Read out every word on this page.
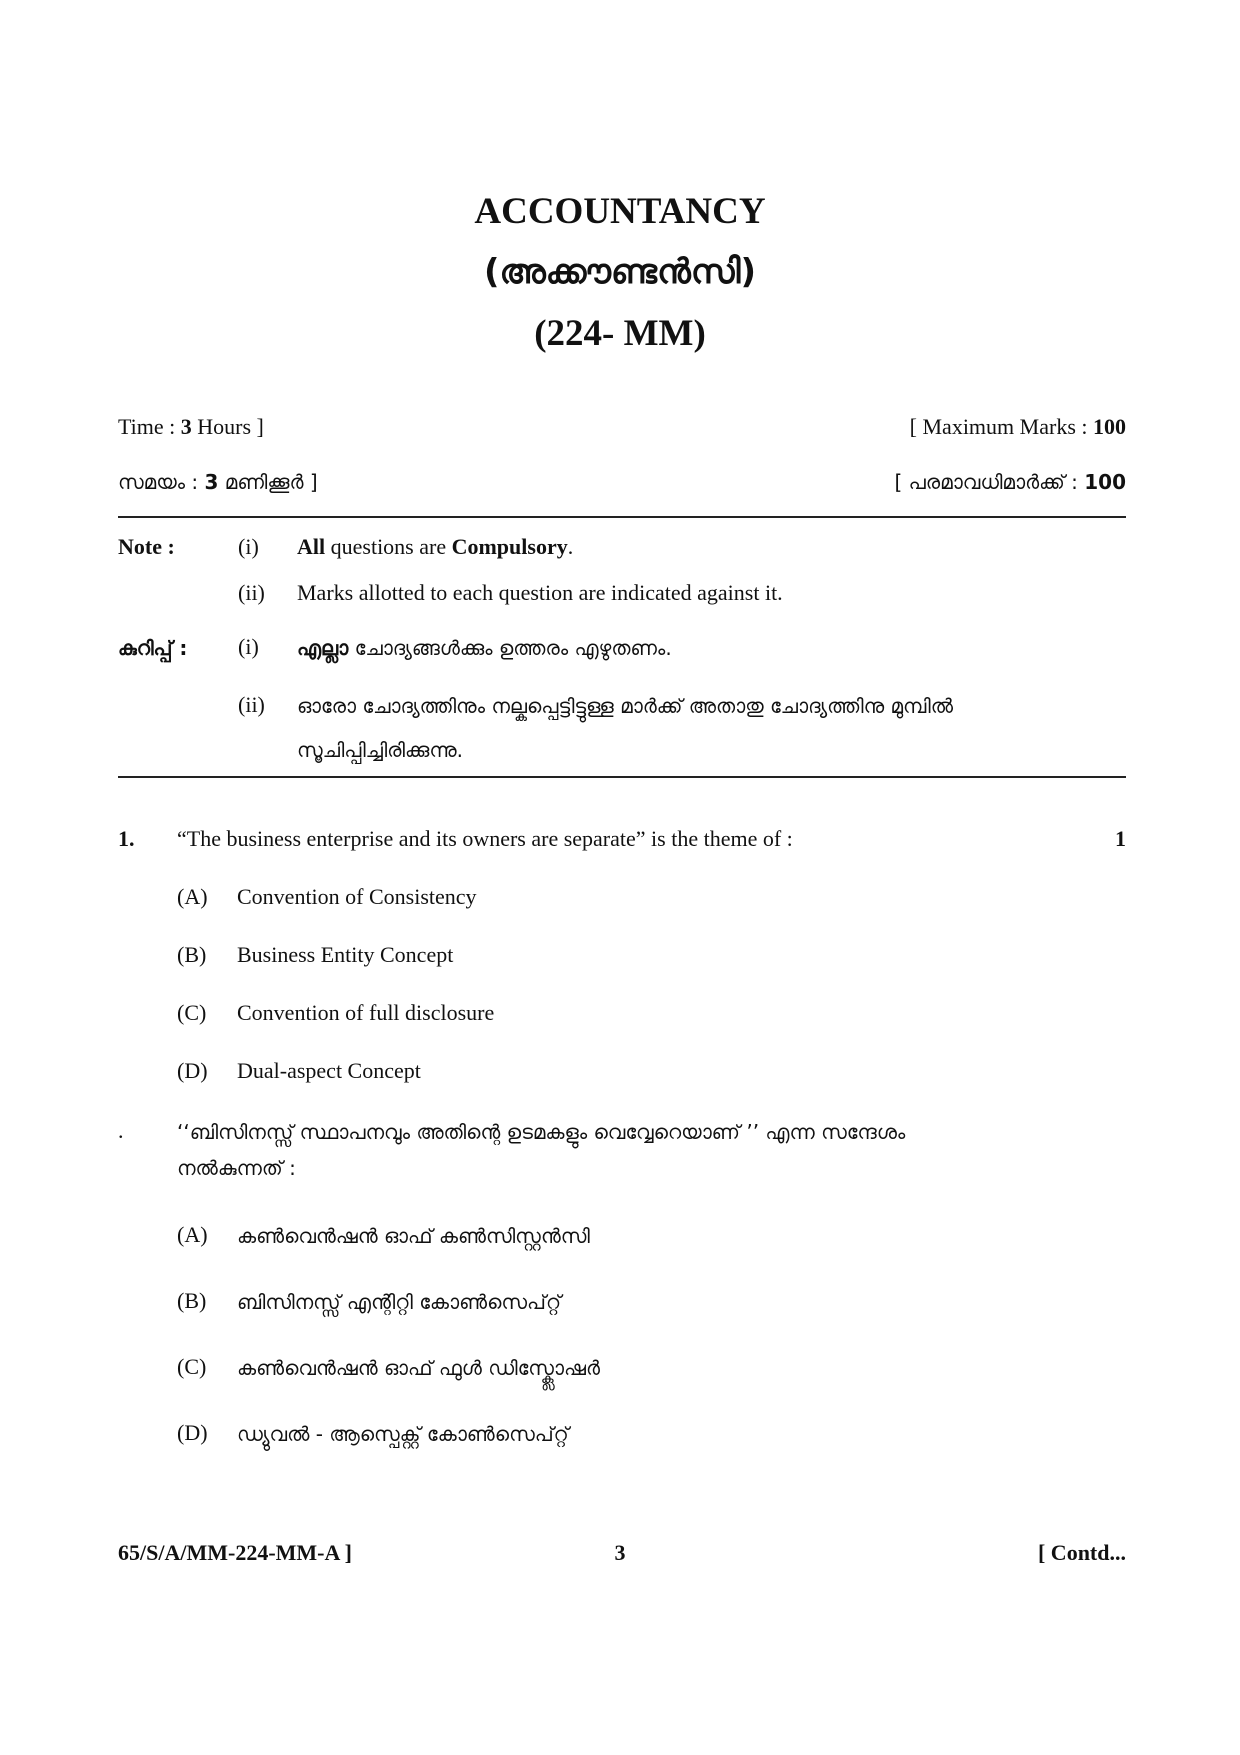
ACCOUNTANCY
(അക്കൗണ്ടൻസി)
(224- MM)
Time : 3 Hours ]	[ Maximum Marks : 100
സമയം : 3 മണിക്കൂർ ]	[ പരമാവധിമാർക്ക് : 100
Note :	(i) All questions are Compulsory.
(ii) Marks allotted to each question are indicated against it.
കുറിപ്പ് : (i) എല്ലാ ചോദ്യങ്ങൾക്കും ഉത്തരം എഴുതണം.
(ii) ഓരോ ചോദ്യത്തിനും നല്കപ്പെട്ടിട്ടുള്ള മാർക്ക് അതാതു ചോദ്യത്തിനു മുമ്പിൽ
സൂചിപ്പിച്ചിരിക്കുന്നു.
1. “The business enterprise and its owners are separate” is the theme of :	1
(A) Convention of Consistency
(B) Business Entity Concept
(C) Convention of full disclosure
(D) Dual-aspect Concept
.	‘‘ബിസിനസ്സ് സ്ഥാപനവും അതിന്റെ ഉടമകളും വെവ്വേറെയാണ് ’’ എന്ന സന്ദേശം
നൽകുന്നത് :
(A) കൺവെൻഷൻ ഓഫ് കൺസിസ്റ്റൻസി
(B) ബിസിനസ്സ് എന്റിറ്റി കോൺസെപ്റ്റ്
(C) കൺവെൻഷൻ ഓഫ് ഫുൾ ഡിസ്ക്ലോഷർ
(D) ഡ്യുവൽ - ആസ്പെക്റ്റ് കോൺസെപ്റ്റ്
65/S/A/MM-224-MM-A ]	3	[ Contd...
